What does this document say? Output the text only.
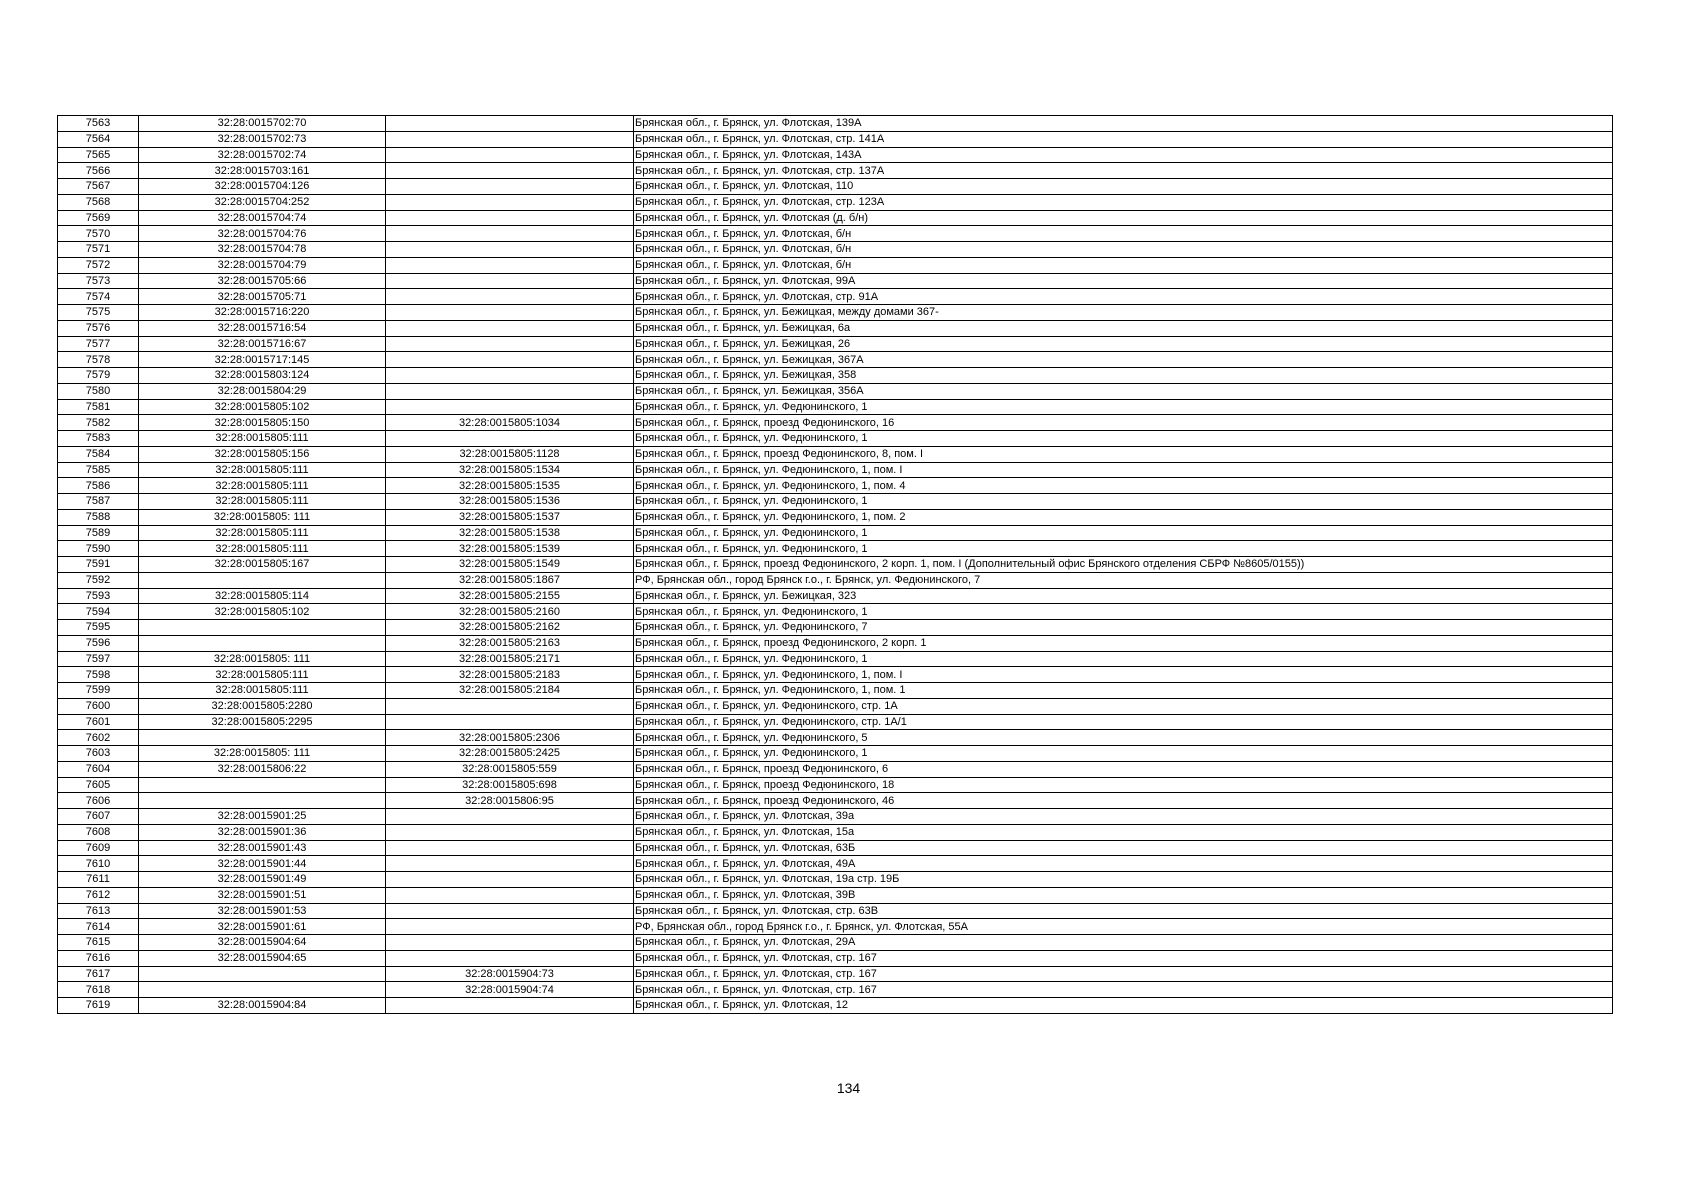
7563	32:28:0015702:70		Брянская обл., г. Брянск, ул. Флотская, 139А
7564	32:28:0015702:73		Брянская обл., г. Брянск, ул. Флотская, стр. 141А
7565	32:28:0015702:74		Брянская обл., г. Брянск, ул. Флотская, 143А
7566	32:28:0015703:161		Брянская обл., г. Брянск, ул. Флотская, стр. 137А
7567	32:28:0015704:126		Брянская обл., г. Брянск, ул. Флотская, 110
7568	32:28:0015704:252		Брянская обл., г. Брянск, ул. Флотская, стр. 123А
7569	32:28:0015704:74		Брянская обл., г. Брянск, ул. Флотская (д. б/н)
7570	32:28:0015704:76		Брянская обл., г. Брянск, ул. Флотская, б/н
7571	32:28:0015704:78		Брянская обл., г. Брянск, ул. Флотская, б/н
7572	32:28:0015704:79		Брянская обл., г. Брянск, ул. Флотская, б/н
7573	32:28:0015705:66		Брянская обл., г. Брянск, ул. Флотская, 99А
7574	32:28:0015705:71		Брянская обл., г. Брянск, ул. Флотская, стр. 91А
7575	32:28:0015716:220		Брянская обл., г. Брянск, ул. Бежицкая, между домами 367-
7576	32:28:0015716:54		Брянская обл., г. Брянск, ул. Бежицкая, 6а
7577	32:28:0015716:67		Брянская обл., г. Брянск, ул. Бежицкая, 26
7578	32:28:0015717:145		Брянская обл., г. Брянск, ул. Бежицкая, 367А
7579	32:28:0015803:124		Брянская обл., г. Брянск, ул. Бежицкая, 358
7580	32:28:0015804:29		Брянская обл., г. Брянск, ул. Бежицкая, 356А
7581	32:28:0015805:102		Брянская обл., г. Брянск, ул. Федюнинского, 1
7582	32:28:0015805:150	32:28:0015805:1034	Брянская обл., г. Брянск, проезд Федюнинского, 16
7583	32:28:0015805:111		Брянская обл., г. Брянск, ул. Федюнинского, 1
7584	32:28:0015805:156	32:28:0015805:1128	Брянская обл., г. Брянск, проезд Федюнинского, 8, пом. I
7585	32:28:0015805:111	32:28:0015805:1534	Брянская обл., г. Брянск, ул. Федюнинского, 1, пом. I
7586	32:28:0015805:111	32:28:0015805:1535	Брянская обл., г. Брянск, ул. Федюнинского, 1, пом. 4
7587	32:28:0015805:111	32:28:0015805:1536	Брянская обл., г. Брянск, ул. Федюнинского, 1
7588	32:28:0015805: 111	32:28:0015805:1537	Брянская обл., г. Брянск, ул. Федюнинского, 1, пом. 2
7589	32:28:0015805:111	32:28:0015805:1538	Брянская обл., г. Брянск, ул. Федюнинского, 1
7590	32:28:0015805:111	32:28:0015805:1539	Брянская обл., г. Брянск, ул. Федюнинского, 1
7591	32:28:0015805:167	32:28:0015805:1549	Брянская обл., г. Брянск, проезд Федюнинского, 2 корп. 1, пом. I (Дополнительный офис Брянского отделения СБРФ №8605/0155))
7592		32:28:0015805:1867	РФ, Брянская обл., город Брянск г.о., г. Брянск, ул. Федюнинского, 7
7593	32:28:0015805:114	32:28:0015805:2155	Брянская обл., г. Брянск, ул. Бежицкая, 323
7594	32:28:0015805:102	32:28:0015805:2160	Брянская обл., г. Брянск, ул. Федюнинского, 1
7595		32:28:0015805:2162	Брянская обл., г. Брянск, ул. Федюнинского, 7
7596		32:28:0015805:2163	Брянская обл., г. Брянск, проезд Федюнинского, 2 корп. 1
7597	32:28:0015805: 111	32:28:0015805:2171	Брянская обл., г. Брянск, ул. Федюнинского, 1
7598	32:28:0015805:111	32:28:0015805:2183	Брянская обл., г. Брянск, ул. Федюнинского, 1, пом. I
7599	32:28:0015805:111	32:28:0015805:2184	Брянская обл., г. Брянск, ул. Федюнинского, 1, пом. 1
7600	32:28:0015805:2280		Брянская обл., г. Брянск, ул. Федюнинского, стр. 1А
7601	32:28:0015805:2295		Брянская обл., г. Брянск, ул. Федюнинского, стр. 1А/1
7602		32:28:0015805:2306	Брянская обл., г. Брянск, ул. Федюнинского, 5
7603	32:28:0015805: 111	32:28:0015805:2425	Брянская обл., г. Брянск, ул. Федюнинского, 1
7604	32:28:0015806:22	32:28:0015805:559	Брянская обл., г. Брянск, проезд Федюнинского, 6
7605		32:28:0015805:698	Брянская обл., г. Брянск, проезд Федюнинского, 18
7606		32:28:0015806:95	Брянская обл., г. Брянск, проезд Федюнинского, 46
7607	32:28:0015901:25		Брянская обл., г. Брянск, ул. Флотская, 39а
7608	32:28:0015901:36		Брянская обл., г. Брянск, ул. Флотская, 15а
7609	32:28:0015901:43		Брянская обл., г. Брянск, ул. Флотская, 63Б
7610	32:28:0015901:44		Брянская обл., г. Брянск, ул. Флотская, 49А
7611	32:28:0015901:49		Брянская обл., г. Брянск, ул. Флотская, 19а стр. 19Б
7612	32:28:0015901:51		Брянская обл., г. Брянск, ул. Флотская, 39В
7613	32:28:0015901:53		Брянская обл., г. Брянск, ул. Флотская, стр. 63В
7614	32:28:0015901:61		РФ, Брянская обл., город Брянск г.о., г. Брянск, ул. Флотская, 55А
7615	32:28:0015904:64		Брянская обл., г. Брянск, ул. Флотская, 29А
7616	32:28:0015904:65		Брянская обл., г. Брянск, ул. Флотская, стр. 167
7617		32:28:0015904:73	Брянская обл., г. Брянск, ул. Флотская, стр. 167
7618		32:28:0015904:74	Брянская обл., г. Брянск, ул. Флотская, стр. 167
7619	32:28:0015904:84		Брянская обл., г. Брянск, ул. Флотская, 12
134
